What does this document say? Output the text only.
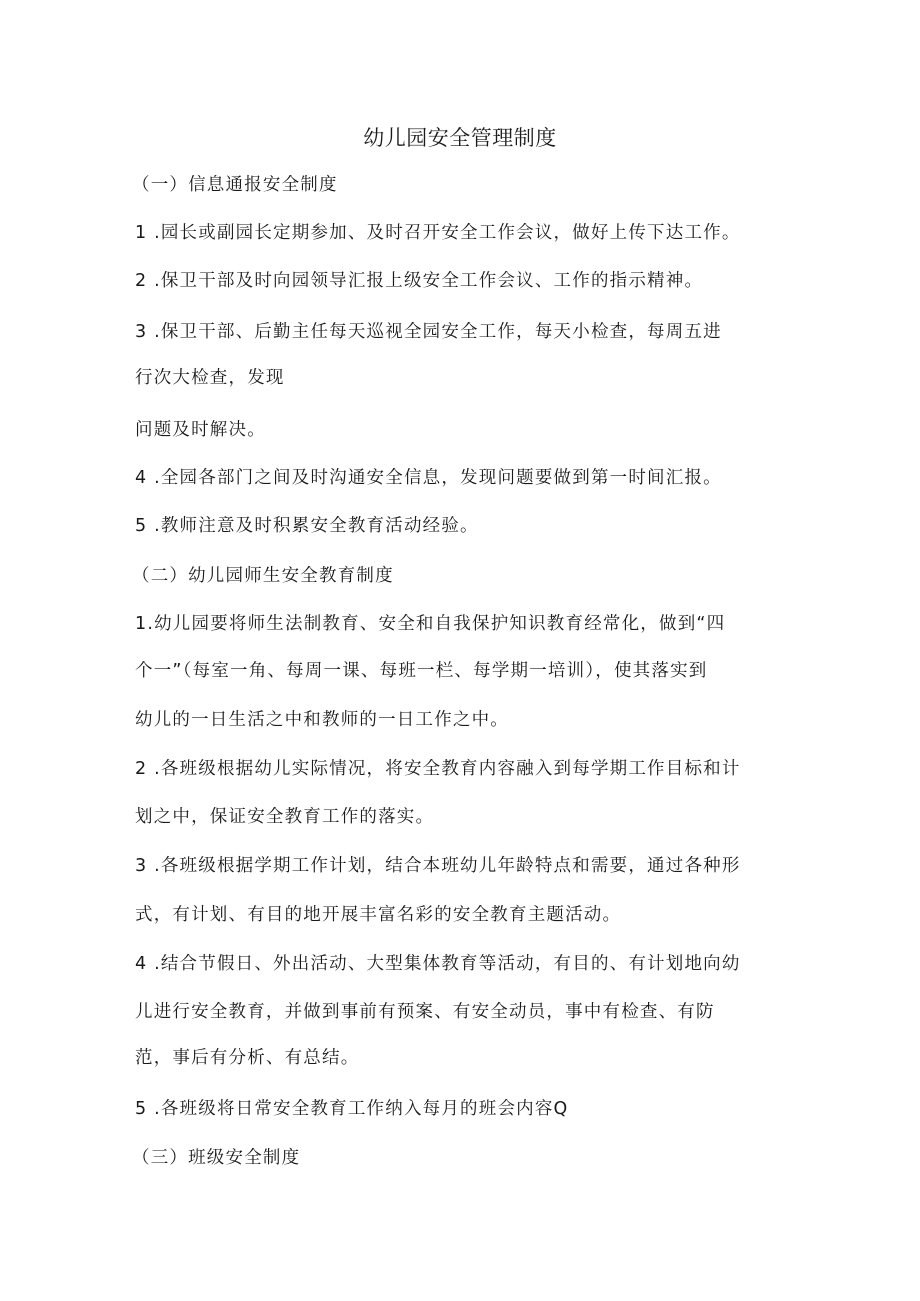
幼儿园安全管理制度
（一）信息通报安全制度
1 .园长或副园长定期参加、及时召开安全工作会议，做好上传下达工作。
2 .保卫干部及时向园领导汇报上级安全工作会议、工作的指示精神。
3 .保卫干部、后勤主任每天巡视全园安全工作，每天小检查，每周五进
行次大检查，发现
问题及时解决。
4 .全园各部门之间及时沟通安全信息，发现问题要做到第一时间汇报。
5 .教师注意及时积累安全教育活动经验。
（二）幼儿园师生安全教育制度
1.幼儿园要将师生法制教育、安全和自我保护知识教育经常化，做到“四
个一”（每室一角、每周一课、每班一栏、每学期一培训），使其落实到
幼儿的一日生活之中和教师的一日工作之中。
2 .各班级根据幼儿实际情况，将安全教育内容融入到每学期工作目标和计
划之中，保证安全教育工作的落实。
3 .各班级根据学期工作计划，结合本班幼儿年龄特点和需要，通过各种形
式，有计划、有目的地开展丰富名彩的安全教育主题活动。
4 .结合节假日、外出活动、大型集体教育等活动，有目的、有计划地向幼
儿进行安全教育，并做到事前有预案、有安全动员，事中有检查、有防
范，事后有分析、有总结。
5 .各班级将日常安全教育工作纳入每月的班会内容Q
（三）班级安全制度
